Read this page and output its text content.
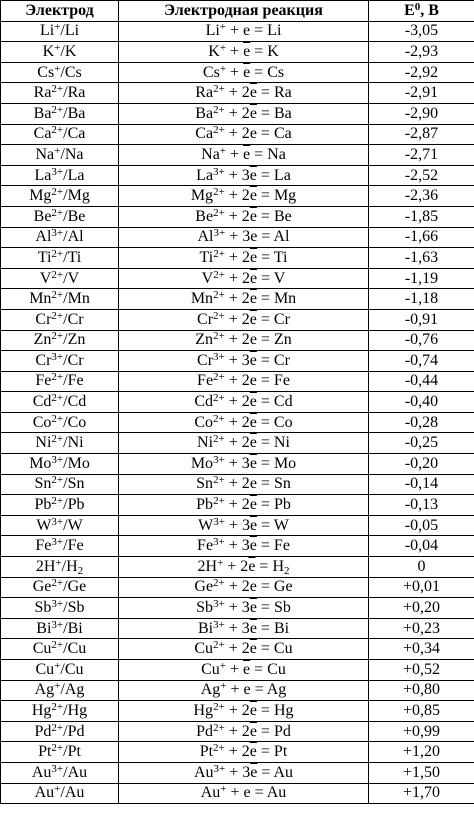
Электрод	Электродная реакция	$E^0$, В
Li+/Li	$Li^+ + \overline{e} = Li$	-3,05
K+/K	$K^+ + \overline{e} = K$	-2,93
Cs+/Cs	$Cs^+ + \overline{e} = Cs$	-2,92
$Ra^{2+}/Ra$	$Ra^{2+} + 2\overline{e} = Ra$	-2,91
$Ba^{2+}/Ba$	$Ba^{2+} + 2\overline{e} = Ba$	-2,90
$Ca^{2+}/Ca$	$Ca^{2+} + 2\overline{e} = Ca$	-2,87
Na+/Na	$Na^+ + \overline{e} = Na$	-2,71
$La^{3+}/La$	$La^{3+} + 3\overline{e} = La$	-2,52
$Mg^{2+}/Mg$	$Mg^{2+} + 2\overline{e} = Mg$	-2,36
$Be^{2+}/Be$	$Be^{2+} + 2\overline{e} = Be$	-1,85
$Al^{3+}/Al$	$Al^{3+} + 3\overline{e} = Al$	-1,66
$Ti^{2+}/Ti$	$Ti^{2+} + 2\overline{e} = Ti$	-1,63
$V^{2+}/V$	$V^{2+} + 2\overline{e} = V$	-1,19
$Mn^{2+}/Mn$	$Mn^{2+} + 2\overline{e} = Mn$	-1,18
$Cr^{2+}/Cr$	$Cr^{2+} + 2\overline{e} = Cr$	-0,91
$Zn^{2+}/Zn$	$Zn^{2+} + 2\overline{e} = Zn$	-0,76
$Cr^{3+}/Cr$	$Cr^{3+} + 3\overline{e} = Cr$	-0,74
$Fe^{2+}/Fe$	$Fe^{2+} + 2\overline{e} = Fe$	-0,44
$Cd^{2+}/Cd$	$Cd^{2+} + 2\overline{e} = Cd$	-0,40
$Co^{2+}/Co$	$Co^{2+} + 2\overline{e} = Co$	-0,28
$Ni^{2+}/Ni$	$Ni^{2+} + 2\overline{e} = Ni$	-0,25
$Mo^{3+}/Mo$	$Mo^{3+} + 3\overline{e} = Mo$	-0,20
$Sn^{2+}/Sn$	$Sn^{2+} + 2\overline{e} = Sn$	-0,14
$Pb^{2+}/Pb$	$Pb^{2+} + 2\overline{e} = Pb$	-0,13
$W^{3+}/W$	$W^{3+} + 3\overline{e} = W$	-0,05
$Fe^{3+}/Fe$	$Fe^{3+} + 3\overline{e} = Fe$	-0,04
$2H^+/H_2$	$2H^+ + 2\overline{e} = H_2$	0
$Ge^{2+}/Ge$	$Ge^{2+} + 2\overline{e} = Ge$	+0,01
$Sb^{3+}/Sb$	$Sb^{3+} + 3\overline{e} = Sb$	+0,20
$Bi^{3+}/Bi$	$Bi^{3+} + 3\overline{e} = Bi$	+0,23
$Cu^{2+}/Cu$	$Cu^{2+} + 2\overline{e} = Cu$	+0,34
Cu+/Cu	$Cu^+ + \overline{e} = Cu$	+0,52
Ag+/Ag	$Ag^+ + \overline{e} = Ag$	+0,80
$Hg^{2+}/Hg$	$Hg^{2+} + 2\overline{e} = Hg$	+0,85
$Pd^{2+}/Pd$	$Pd^{2+} + 2\overline{e} = Pd$	+0,99
$Pt^{2+}/Pt$	$Pt^{2+} + 2\overline{e} = Pt$	+1,20
$Au^{3+}/Au$	$Au^{3+} + 3\overline{e} = Au$	+1,50
Au+/Au	$Au^+ + \overline{e} = Au$	+1,70
